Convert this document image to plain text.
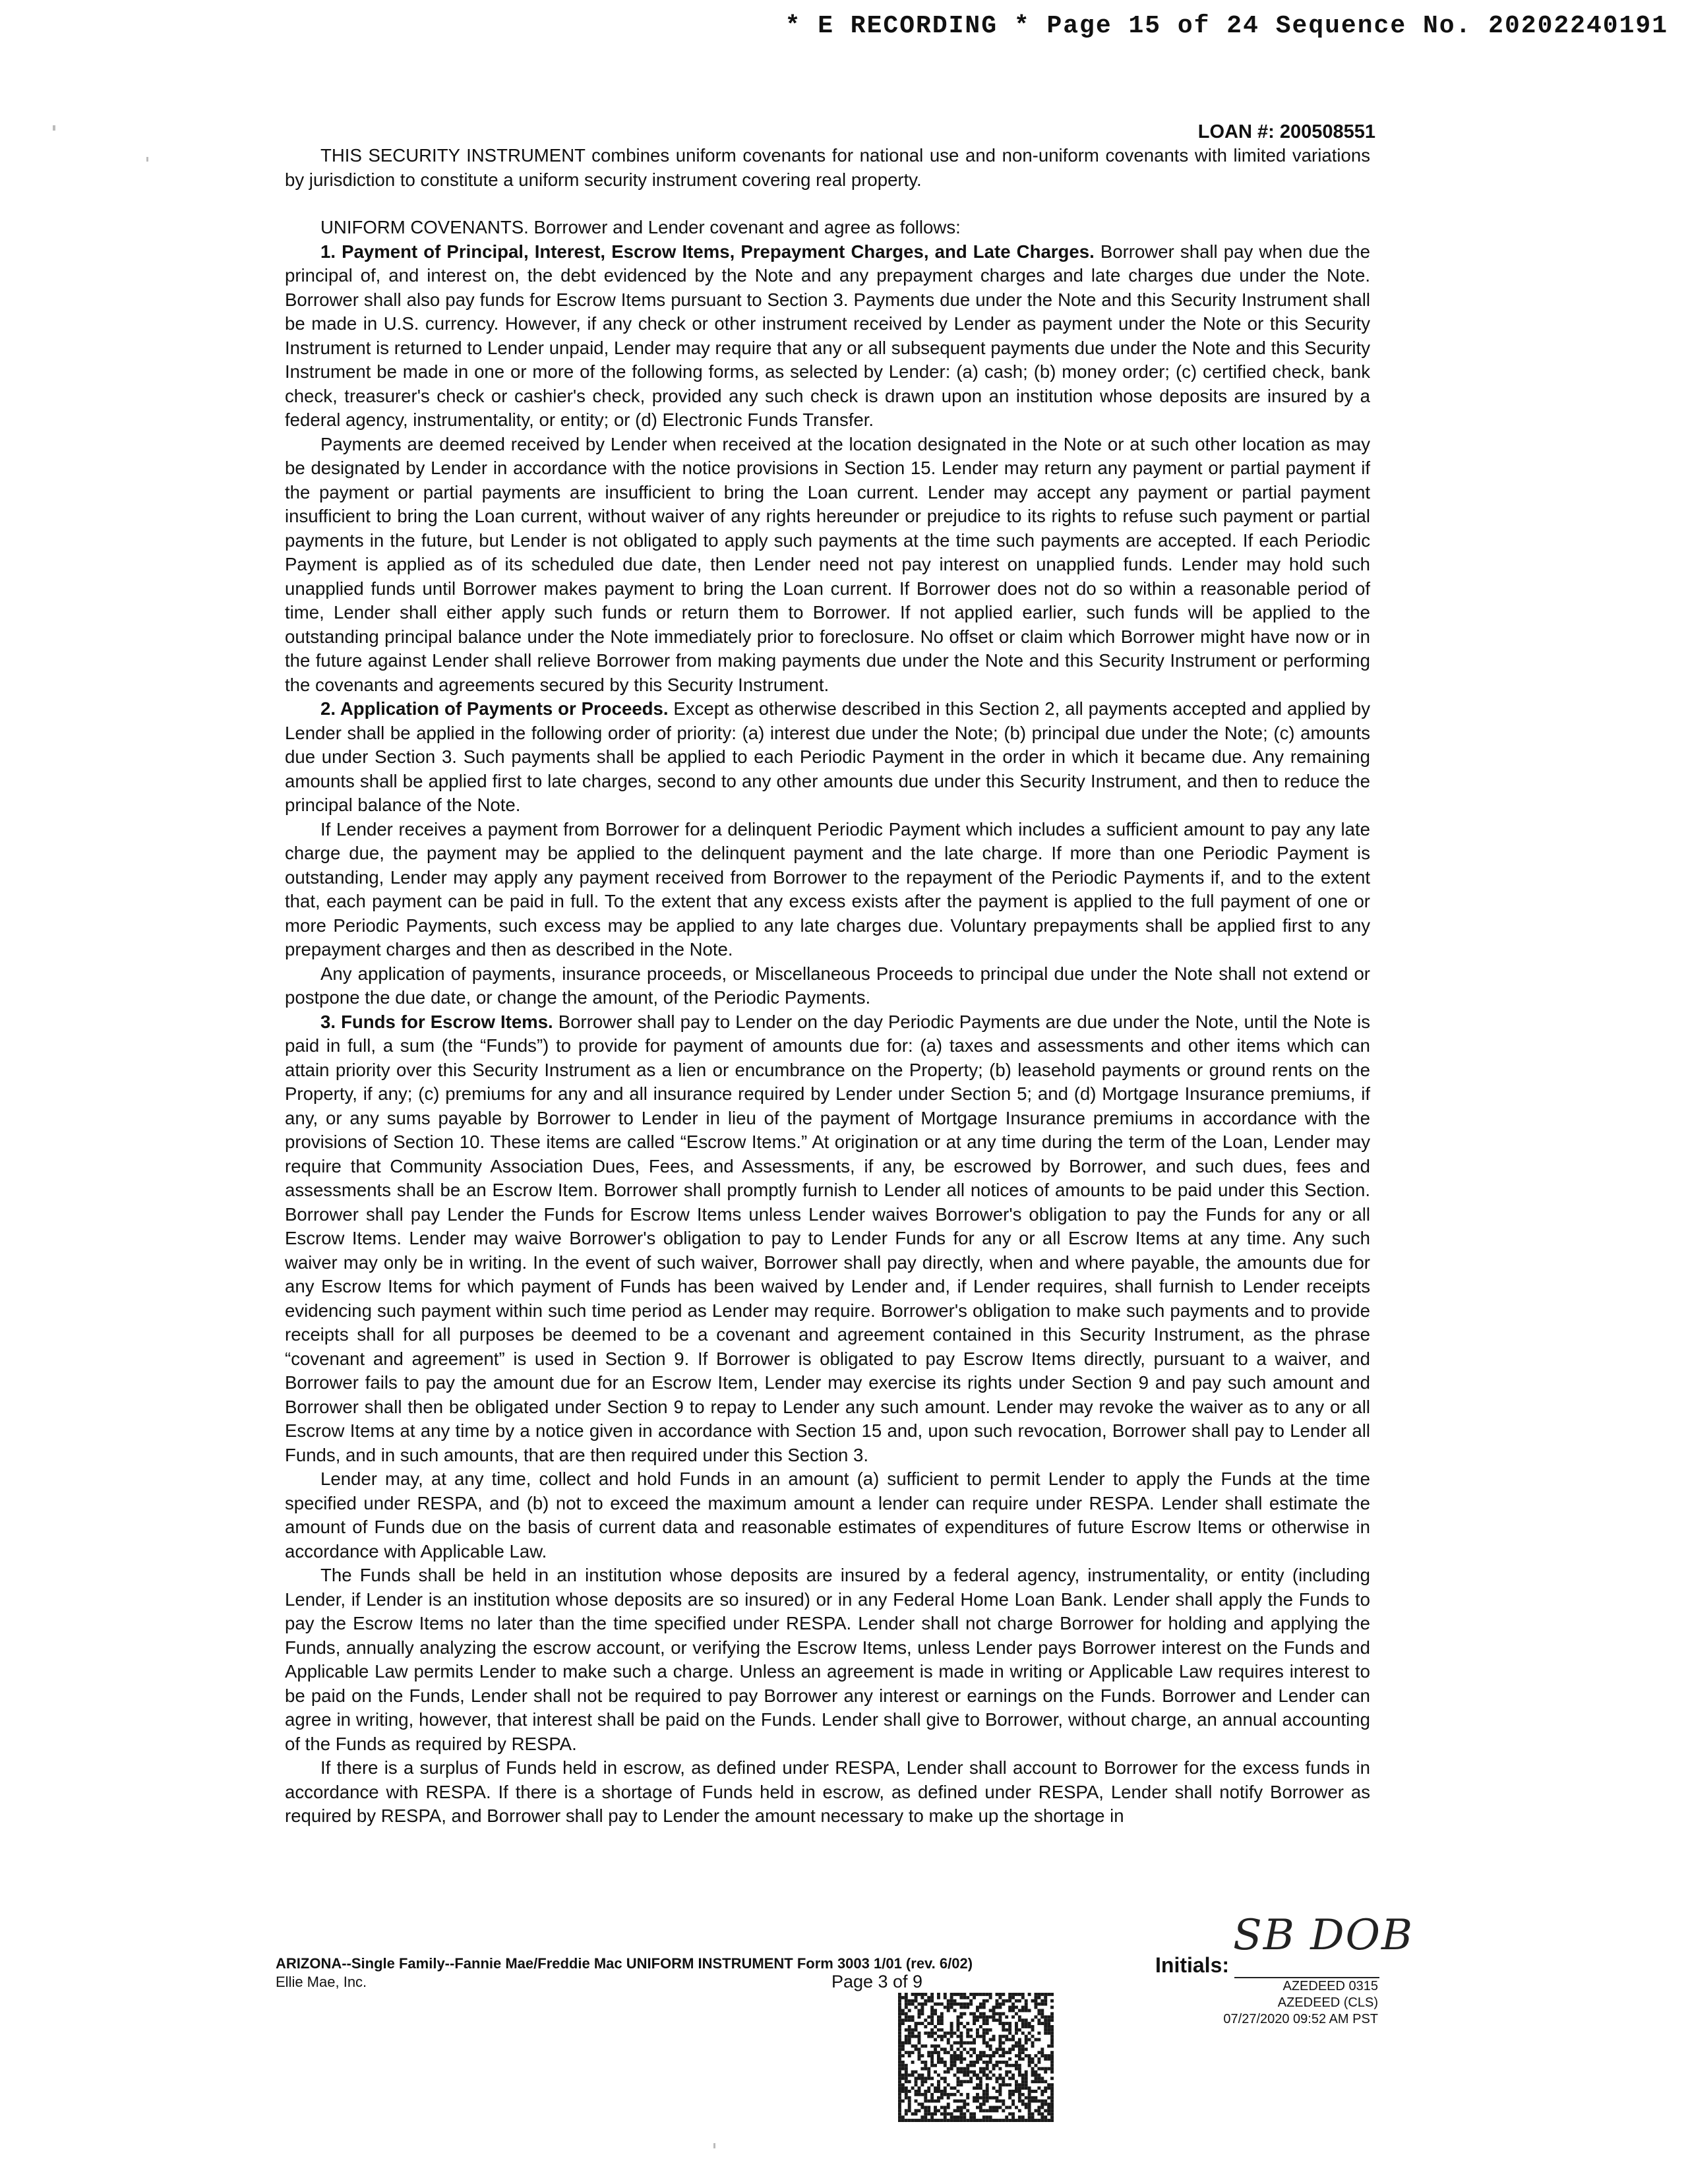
* E RECORDING * Page 15 of 24 Sequence No. 20202240191
LOAN #: 200508551

THIS SECURITY INSTRUMENT combines uniform covenants for national use and non-uniform covenants with limited variations by jurisdiction to constitute a uniform security instrument covering real property.

UNIFORM COVENANTS. Borrower and Lender covenant and agree as follows:

1. Payment of Principal, Interest, Escrow Items, Prepayment Charges, and Late Charges. Borrower shall pay when due the principal of, and interest on, the debt evidenced by the Note and any prepayment charges and late charges due under the Note. Borrower shall also pay funds for Escrow Items pursuant to Section 3. Payments due under the Note and this Security Instrument shall be made in U.S. currency. However, if any check or other instrument received by Lender as payment under the Note or this Security Instrument is returned to Lender unpaid, Lender may require that any or all subsequent payments due under the Note and this Security Instrument be made in one or more of the following forms, as selected by Lender: (a) cash; (b) money order; (c) certified check, bank check, treasurer's check or cashier's check, provided any such check is drawn upon an institution whose deposits are insured by a federal agency, instrumentality, or entity; or (d) Electronic Funds Transfer.

Payments are deemed received by Lender when received at the location designated in the Note or at such other location as may be designated by Lender in accordance with the notice provisions in Section 15. Lender may return any payment or partial payment if the payment or partial payments are insufficient to bring the Loan current. Lender may accept any payment or partial payment insufficient to bring the Loan current, without waiver of any rights hereunder or prejudice to its rights to refuse such payment or partial payments in the future, but Lender is not obligated to apply such payments at the time such payments are accepted. If each Periodic Payment is applied as of its scheduled due date, then Lender need not pay interest on unapplied funds. Lender may hold such unapplied funds until Borrower makes payment to bring the Loan current. If Borrower does not do so within a reasonable period of time, Lender shall either apply such funds or return them to Borrower. If not applied earlier, such funds will be applied to the outstanding principal balance under the Note immediately prior to foreclosure. No offset or claim which Borrower might have now or in the future against Lender shall relieve Borrower from making payments due under the Note and this Security Instrument or performing the covenants and agreements secured by this Security Instrument.

2. Application of Payments or Proceeds. Except as otherwise described in this Section 2, all payments accepted and applied by Lender shall be applied in the following order of priority: (a) interest due under the Note; (b) principal due under the Note; (c) amounts due under Section 3. Such payments shall be applied to each Periodic Payment in the order in which it became due. Any remaining amounts shall be applied first to late charges, second to any other amounts due under this Security Instrument, and then to reduce the principal balance of the Note.

If Lender receives a payment from Borrower for a delinquent Periodic Payment which includes a sufficient amount to pay any late charge due, the payment may be applied to the delinquent payment and the late charge. If more than one Periodic Payment is outstanding, Lender may apply any payment received from Borrower to the repayment of the Periodic Payments if, and to the extent that, each payment can be paid in full. To the extent that any excess exists after the payment is applied to the full payment of one or more Periodic Payments, such excess may be applied to any late charges due. Voluntary prepayments shall be applied first to any prepayment charges and then as described in the Note.

Any application of payments, insurance proceeds, or Miscellaneous Proceeds to principal due under the Note shall not extend or postpone the due date, or change the amount, of the Periodic Payments.

3. Funds for Escrow Items. Borrower shall pay to Lender on the day Periodic Payments are due under the Note, until the Note is paid in full, a sum (the “Funds”) to provide for payment of amounts due for: (a) taxes and assessments and other items which can attain priority over this Security Instrument as a lien or encumbrance on the Property; (b) leasehold payments or ground rents on the Property, if any; (c) premiums for any and all insurance required by Lender under Section 5; and (d) Mortgage Insurance premiums, if any, or any sums payable by Borrower to Lender in lieu of the payment of Mortgage Insurance premiums in accordance with the provisions of Section 10. These items are called “Escrow Items.” At origination or at any time during the term of the Loan, Lender may require that Community Association Dues, Fees, and Assessments, if any, be escrowed by Borrower, and such dues, fees and assessments shall be an Escrow Item. Borrower shall promptly furnish to Lender all notices of amounts to be paid under this Section. Borrower shall pay Lender the Funds for Escrow Items unless Lender waives Borrower's obligation to pay the Funds for any or all Escrow Items. Lender may waive Borrower's obligation to pay to Lender Funds for any or all Escrow Items at any time. Any such waiver may only be in writing. In the event of such waiver, Borrower shall pay directly, when and where payable, the amounts due for any Escrow Items for which payment of Funds has been waived by Lender and, if Lender requires, shall furnish to Lender receipts evidencing such payment within such time period as Lender may require. Borrower's obligation to make such payments and to provide receipts shall for all purposes be deemed to be a covenant and agreement contained in this Security Instrument, as the phrase “covenant and agreement” is used in Section 9. If Borrower is obligated to pay Escrow Items directly, pursuant to a waiver, and Borrower fails to pay the amount due for an Escrow Item, Lender may exercise its rights under Section 9 and pay such amount and Borrower shall then be obligated under Section 9 to repay to Lender any such amount. Lender may revoke the waiver as to any or all Escrow Items at any time by a notice given in accordance with Section 15 and, upon such revocation, Borrower shall pay to Lender all Funds, and in such amounts, that are then required under this Section 3.

Lender may, at any time, collect and hold Funds in an amount (a) sufficient to permit Lender to apply the Funds at the time specified under RESPA, and (b) not to exceed the maximum amount a lender can require under RESPA. Lender shall estimate the amount of Funds due on the basis of current data and reasonable estimates of expenditures of future Escrow Items or otherwise in accordance with Applicable Law.

The Funds shall be held in an institution whose deposits are insured by a federal agency, instrumentality, or entity (including Lender, if Lender is an institution whose deposits are so insured) or in any Federal Home Loan Bank. Lender shall apply the Funds to pay the Escrow Items no later than the time specified under RESPA. Lender shall not charge Borrower for holding and applying the Funds, annually analyzing the escrow account, or verifying the Escrow Items, unless Lender pays Borrower interest on the Funds and Applicable Law permits Lender to make such a charge. Unless an agreement is made in writing or Applicable Law requires interest to be paid on the Funds, Lender shall not be required to pay Borrower any interest or earnings on the Funds. Borrower and Lender can agree in writing, however, that interest shall be paid on the Funds. Lender shall give to Borrower, without charge, an annual accounting of the Funds as required by RESPA.

If there is a surplus of Funds held in escrow, as defined under RESPA, Lender shall account to Borrower for the excess funds in accordance with RESPA. If there is a shortage of Funds held in escrow, as defined under RESPA, Lender shall notify Borrower as required by RESPA, and Borrower shall pay to Lender the amount necessary to make up the shortage in

ARIZONA--Single Family--Fannie Mae/Freddie Mac UNIFORM INSTRUMENT Form 3003 1/01 (rev. 6/02)
Ellie Mae, Inc.	Page 3 of 9
Initials:
SB DOB
AZEDEED 0315
AZEDEED (CLS)
07/27/2020 09:52 AM PST
